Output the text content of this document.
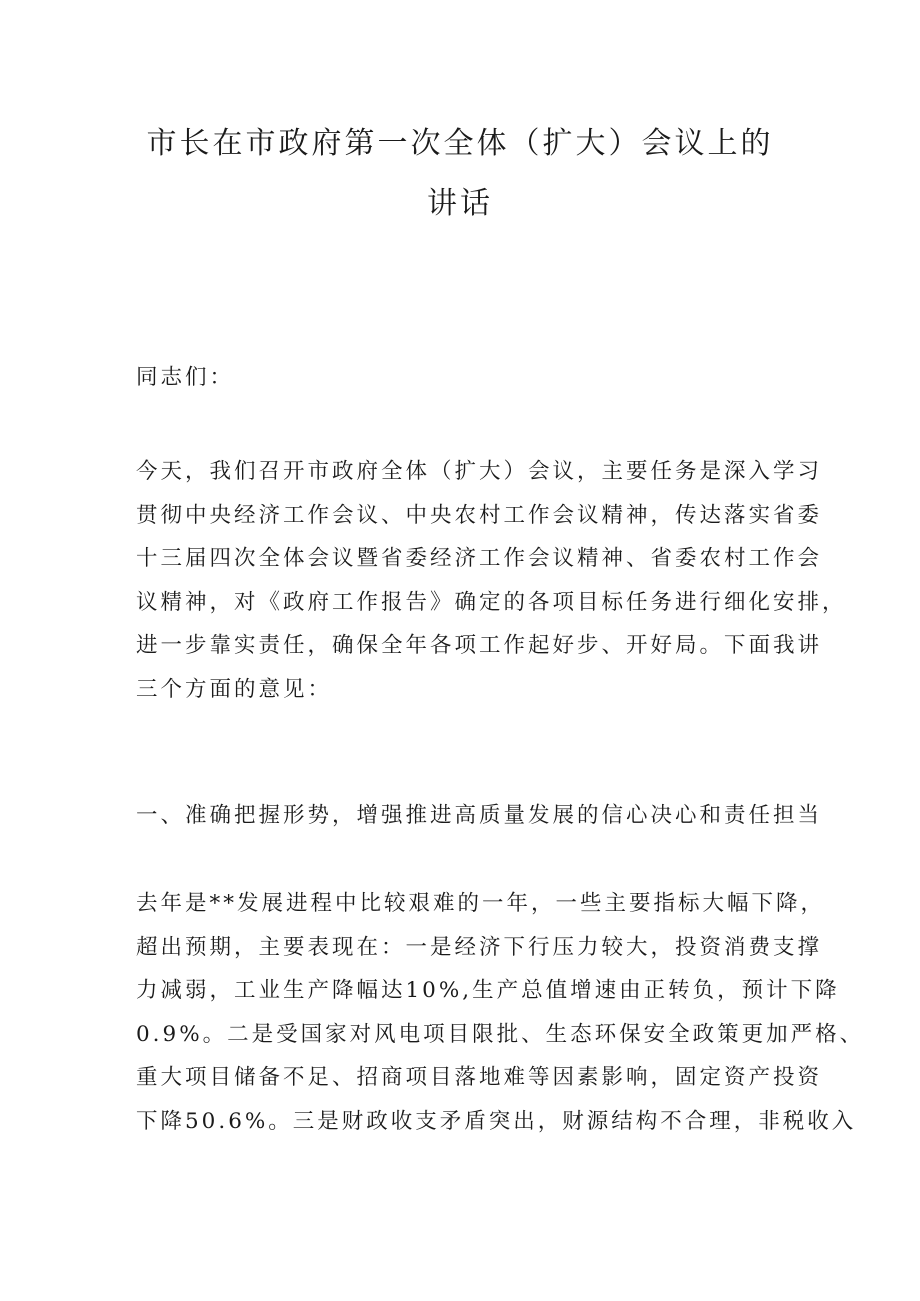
市长在市政府第一次全体（扩大）会议上的
讲话

同志们：

今天，我们召开市政府全体（扩大）会议，主要任务是深入学习
贯彻中央经济工作会议、中央农村工作会议精神，传达落实省委
十三届四次全体会议暨省委经济工作会议精神、省委农村工作会
议精神，对《政府工作报告》确定的各项目标任务进行细化安排，
进一步靠实责任，确保全年各项工作起好步、开好局。下面我讲
三个方面的意见：

一、准确把握形势，增强推进高质量发展的信心决心和责任担当

去年是**发展进程中比较艰难的一年，一些主要指标大幅下降，
超出预期，主要表现在：一是经济下行压力较大，投资消费支撑
力减弱，工业生产降幅达10%,生产总值增速由正转负，预计下降
0.9%。二是受国家对风电项目限批、生态环保安全政策更加严格、
重大项目储备不足、招商项目落地难等因素影响，固定资产投资
下降50.6%。三是财政收支矛盾突出，财源结构不合理，非税收入
